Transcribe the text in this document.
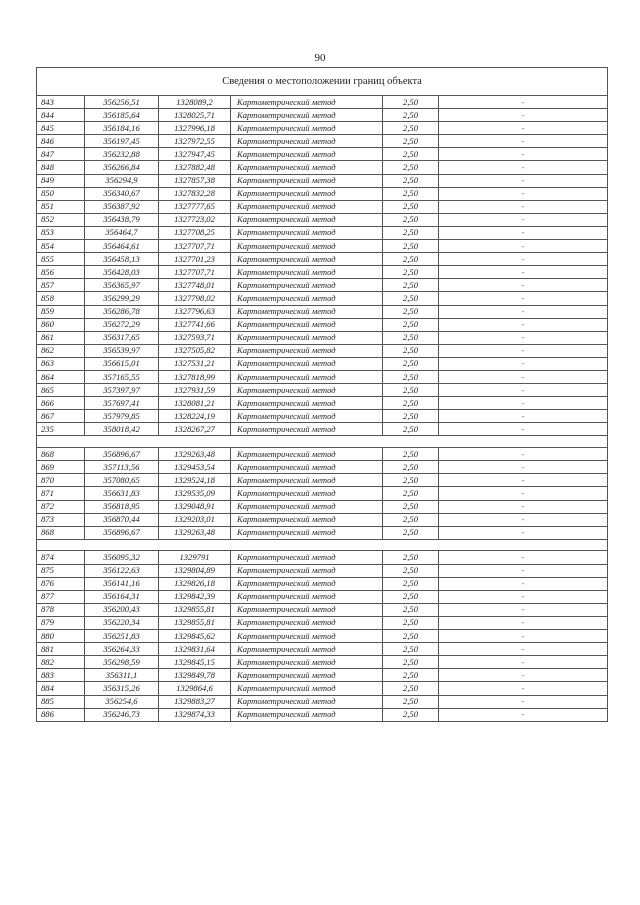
90
Сведения о местоположении границ объекта					
843	356256,51	1328089,2	Картометрический метод	2,50	-
844	356185,64	1328025,71	Картометрический метод	2,50	-
845	356184,16	1327996,18	Картометрический метод	2,50	-
846	356197,45	1327972,55	Картометрический метод	2,50	-
847	356232,88	1327947,45	Картометрический метод	2,50	-
848	356266,84	1327882,48	Картометрический метод	2,50	-
849	356294,9	1327857,38	Картометрический метод	2,50	-
850	356340,67	1327832,28	Картометрический метод	2,50	-
851	356387,92	1327777,65	Картометрический метод	2,50	-
852	356438,79	1327723,02	Картометрический метод	2,50	-
853	356464,7	1327708,25	Картометрический метод	2,50	-
854	356464,61	1327707,71	Картометрический метод	2,50	-
855	356458,13	1327701,23	Картометрический метод	2,50	-
856	356428,03	1327707,71	Картометрический метод	2,50	-
857	356365,97	1327748,01	Картометрический метод	2,50	-
858	356299,29	1327798,02	Картометрический метод	2,50	-
859	356286,78	1327796,63	Картометрический метод	2,50	-
860	356272,29	1327741,66	Картометрический метод	2,50	-
861	356317,65	1327593,71	Картометрический метод	2,50	-
862	356539,97	1327505,82	Картометрический метод	2,50	-
863	356615,01	1327531,21	Картометрический метод	2,50	-
864	357165,55	1327818,99	Картометрический метод	2,50	-
865	357397,97	1327931,59	Картометрический метод	2,50	-
866	357697,41	1328081,21	Картометрический метод	2,50	-
867	357979,85	1328224,19	Картометрический метод	2,50	-
235	358018,42	1328267,27	Картометрический метод	2,50	-

868	356896,67	1329263,48	Картометрический метод	2,50	-
869	357113,56	1329453,54	Картометрический метод	2,50	-
870	357080,65	1329524,18	Картометрический метод	2,50	-
871	356631,83	1329535,09	Картометрический метод	2,50	-
872	356818,95	1329048,91	Картометрический метод	2,50	-
873	356870,44	1329203,01	Картометрический метод	2,50	-
868	356896,67	1329263,48	Картометрический метод	2,50	-

874	356095,32	1329791	Картометрический метод	2,50	-
875	356122,63	1329804,89	Картометрический метод	2,50	-
876	356141,16	1329826,18	Картометрический метод	2,50	-
877	356164,31	1329842,39	Картометрический метод	2,50	-
878	356200,43	1329855,81	Картометрический метод	2,50	-
879	356220,34	1329855,81	Картометрический метод	2,50	-
880	356251,83	1329845,62	Картометрический метод	2,50	-
881	356264,33	1329831,64	Картометрический метод	2,50	-
882	356298,59	1329845,15	Картометрический метод	2,50	-
883	356311,1	1329849,78	Картометрический метод	2,50	-
884	356315,26	1329864,6	Картометрический метод	2,50	-
885	356254,6	1329883,27	Картометрический метод	2,50	-
886	356246,73	1329874,33	Картометрический метод	2,50	-
